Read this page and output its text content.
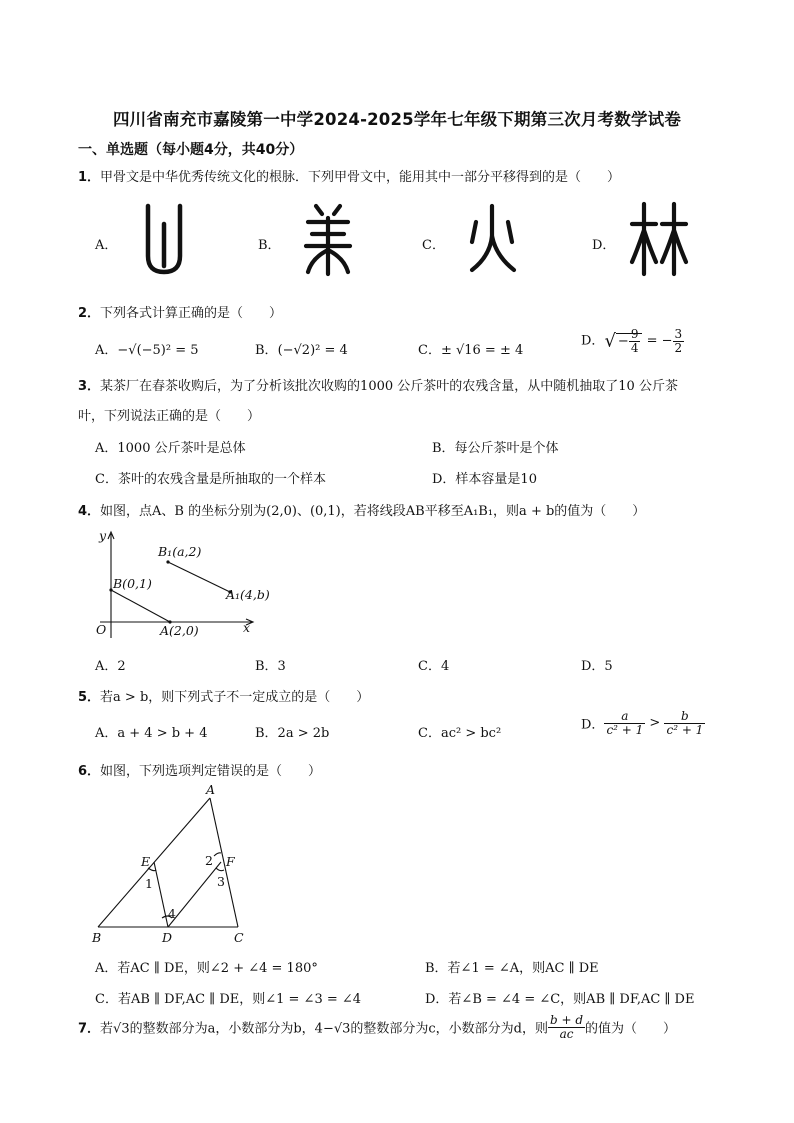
四川省南充市嘉陵第一中学2024-2025学年七年级下期第三次月考数学试卷
一、单选题（每小题4分，共40分）
1．甲骨文是中华优秀传统文化的根脉．下列甲骨文中，能用其中一部分平移得到的是（　　）
A．	B．	C．	D．
2．下列各式计算正确的是（　　）
A．−√(−5)² = 5	B．(−√2)² = 4	C．± √16 = ± 4
D．√ − $\frac{9}{4}$ = − $\frac{3}{2}$
3．某茶厂在春茶收购后，为了分析该批次收购的1000 公斤茶叶的农残含量，从中随机抽取了10 公斤茶
叶，下列说法正确的是（　　）
A．1000 公斤茶叶是总体	B．每公斤茶叶是个体
C．茶叶的农残含量是所抽取的一个样本	D．样本容量是10
4．如图，点A、B 的坐标分别为(2,0)、(0,1)，若将线段AB平移至A₁B₁，则a + b的值为（　　）
y
x
O
B(0,1)
A(2,0)
B₁(a,2)
A₁(4,b)
A．2	B．3	C．4	D．5
5．若a > b，则下列式子不一定成立的是（　　）
A．a + 4 > b + 4	B．2a > 2b	C．ac² > bc²
D． $\frac{a}{\text{c² + 1}} > \frac{b}{\text{c² + 1}}$
6．如图，下列选项判定错误的是（　　）
A
B	C
D
E	F
1
2
3
4
A．若AC ∥ DE，则∠2 + ∠4 = 180°	B．若∠1 = ∠A，则AC ∥ DE
C．若AB ∥ DF,AC ∥ DE，则∠1 = ∠3 = ∠4	D．若∠B = ∠4 = ∠C，则AB ∥ DF,AC ∥ DE
7．若√3的整数部分为a，小数部分为b，4−√3的整数部分为c，小数部分为d，则 $\frac{b + d}{ac}$ 的值为（　　）
